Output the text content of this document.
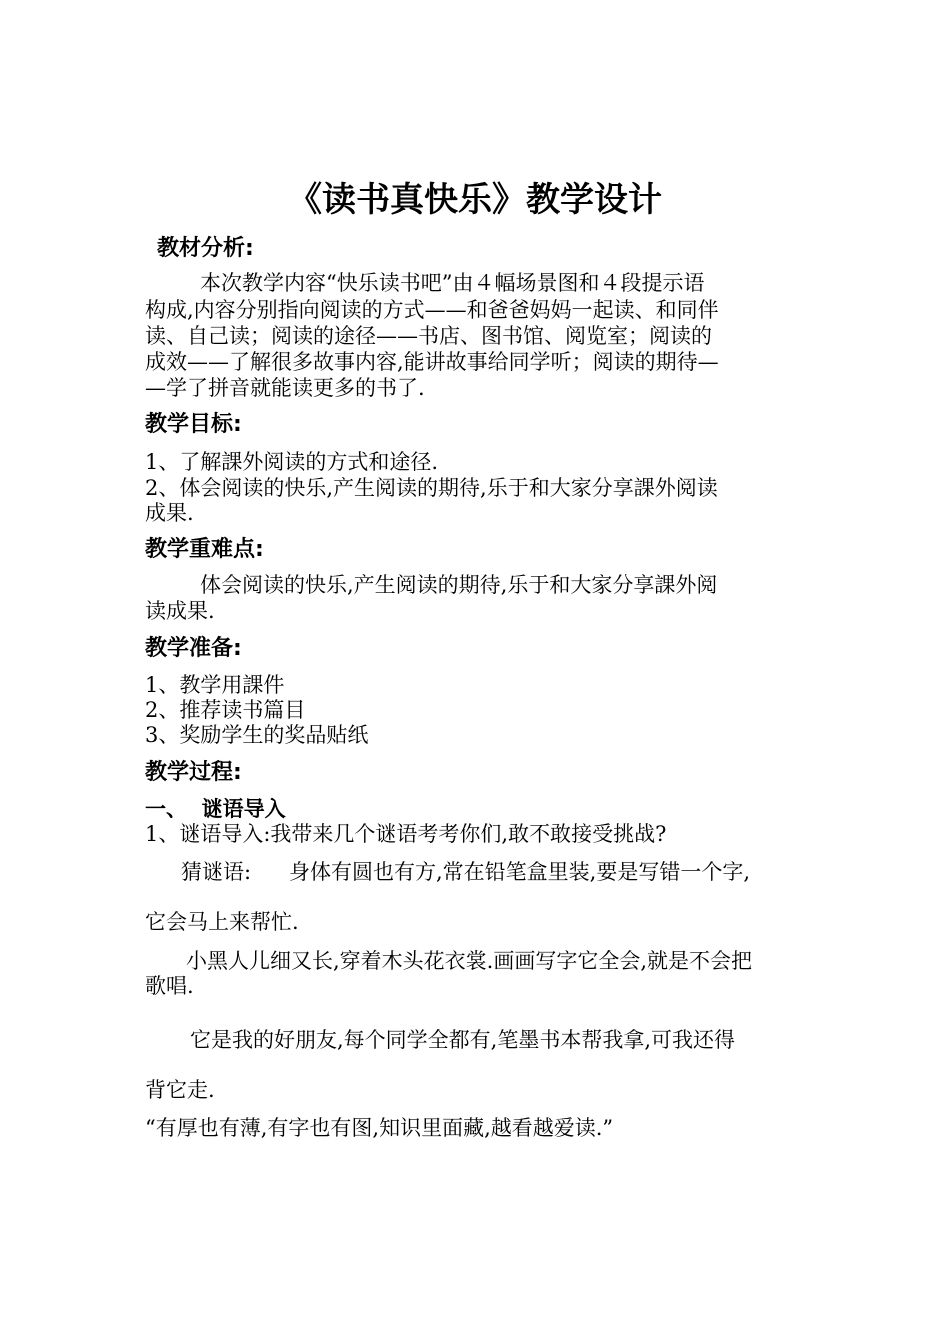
《读书真快乐》教学设计
教材分析:
本次教学内容“快乐读书吧”由４幅场景图和４段提示语
构成,内容分别指向阅读的方式——和爸爸妈妈一起读、和同伴
读、自己读；阅读的途径——书店、图书馆、阅览室；阅读的
成效——了解很多故事内容,能讲故事给同学听；阅读的期待—
—学了拼音就能读更多的书了.
教学目标:
1、了解課外阅读的方式和途径.
2、体会阅读的快乐,产生阅读的期待,乐于和大家分享課外阅读
成果.
教学重难点:
体会阅读的快乐,产生阅读的期待,乐于和大家分享課外阅
读成果.
教学准备:
1、教学用課件
2、推荐读书篇目
3、奖励学生的奖品贴纸
教学过程:
一、  谜语导入
1、谜语导入:我带来几个谜语考考你们,敢不敢接受挑战?
猜谜语: 身体有圆也有方,常在铅笔盒里装,要是写错一个字,
它会马上来帮忙.
小黑人儿细又长,穿着木头花衣裳.画画写字它全会,就是不会把
歌唱.
它是我的好朋友,每个同学全都有,笔墨书本帮我拿,可我还得
背它走.
“有厚也有薄,有字也有图,知识里面藏,越看越爱读.”
